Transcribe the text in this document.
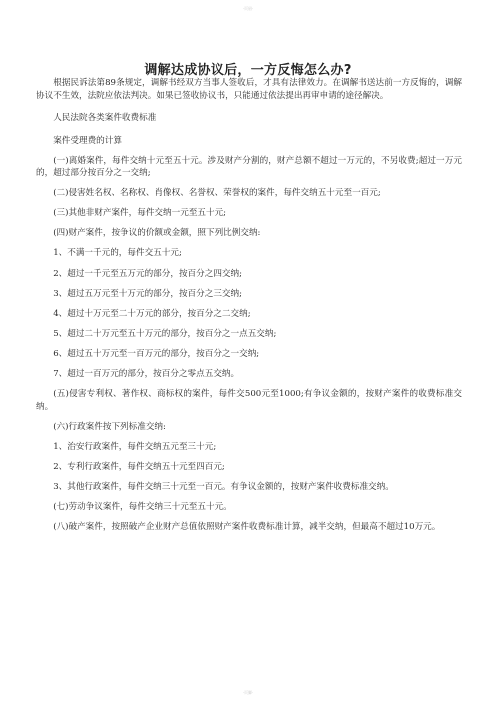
·页眉·
调解达成协议后，一方反悔怎么办?

根据民诉法第89条规定，调解书经双方当事人签收后，才具有法律效力。在调解书送达前一方反悔的，调解协议不生效，法院应依法判决。如果已签收协议书，只能通过依法提出再审申请的途径解决。

人民法院各类案件收费标准

案件受理费的计算

(一)离婚案件，每件交纳十元至五十元。涉及财产分割的，财产总额不超过一万元的，不另收费;超过一万元的，超过部分按百分之一交纳;

(二)侵害姓名权、名称权、肖像权、名誉权、荣誉权的案件，每件交纳五十元至一百元;

(三)其他非财产案件，每件交纳一元至五十元;

(四)财产案件，按争议的价额或金额，照下列比例交纳:

1、不满一千元的，每件交五十元;

2、超过一千元至五万元的部分，按百分之四交纳;

3、超过五万元至十万元的部分，按百分之三交纳;

4、超过十万元至二十万元的部分，按百分之二交纳;

5、超过二十万元至五十万元的部分，按百分之一点五交纳;

6、超过五十万元至一百万元的部分，按百分之一交纳;

7、超过一百万元的部分，按百分之零点五交纳。

(五)侵害专利权、著作权、商标权的案件，每件交500元至1000;有争议金额的，按财产案件的收费标准交纳。

(六)行政案件按下列标准交纳:

1、治安行政案件，每件交纳五元至三十元;

2、专利行政案件，每件交纳五十元至四百元;

3、其他行政案件，每件交纳三十元至一百元。有争议金额的，按财产案件收费标准交纳。

(七)劳动争议案件，每件交纳三十元至五十元。

(八)破产案件，按照破产企业财产总值依照财产案件收费标准计算，减半交纳，但最高不超过10万元。

·页脚·
